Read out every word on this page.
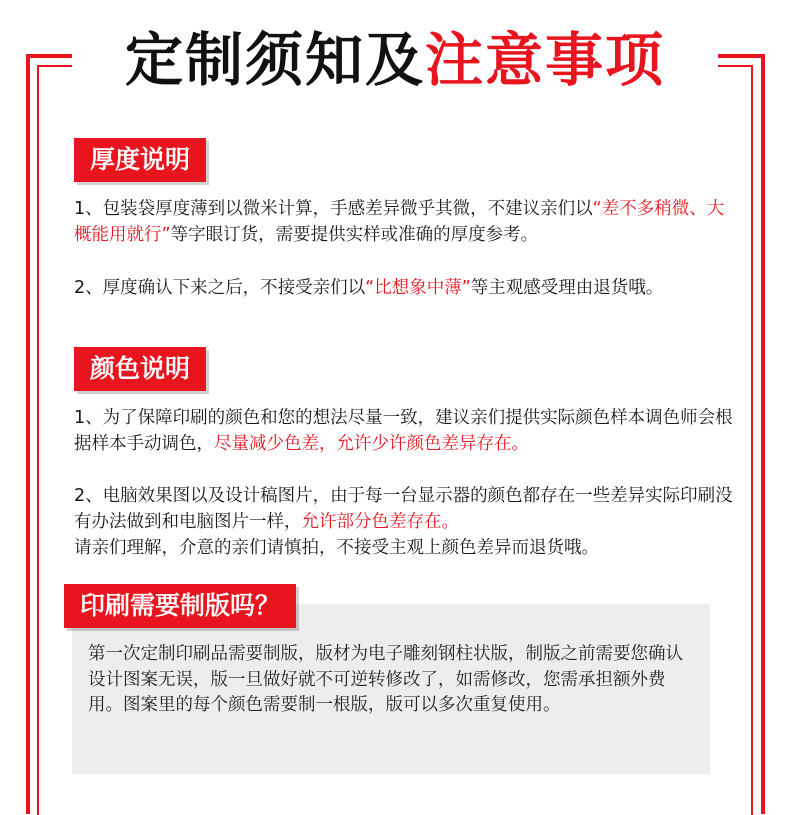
定制须知及注意事项
厚度说明
1、包装袋厚度薄到以微米计算，手感差异微乎其微，不建议亲们以“差不多稍微、大概能用就行”等字眼订货，需要提供实样或准确的厚度参考。
2、厚度确认下来之后，不接受亲们以“比想象中薄”等主观感受理由退货哦。
颜色说明
1、为了保障印刷的颜色和您的想法尽量一致，建议亲们提供实际颜色样本调色师会根据样本手动调色，尽量减少色差，允许少许颜色差异存在。
2、电脑效果图以及设计稿图片，由于每一台显示器的颜色都存在一些差异实际印刷没有办法做到和电脑图片一样，允许部分色差存在。
请亲们理解，介意的亲们请慎拍，不接受主观上颜色差异而退货哦。
第一次定制印刷品需要制版，版材为电子雕刻钢柱状版，制版之前需要您确认设计图案无误，版一旦做好就不可逆转修改了，如需修改，您需承担额外费用。图案里的每个颜色需要制一根版，版可以多次重复使用。
印刷需要制版吗？
